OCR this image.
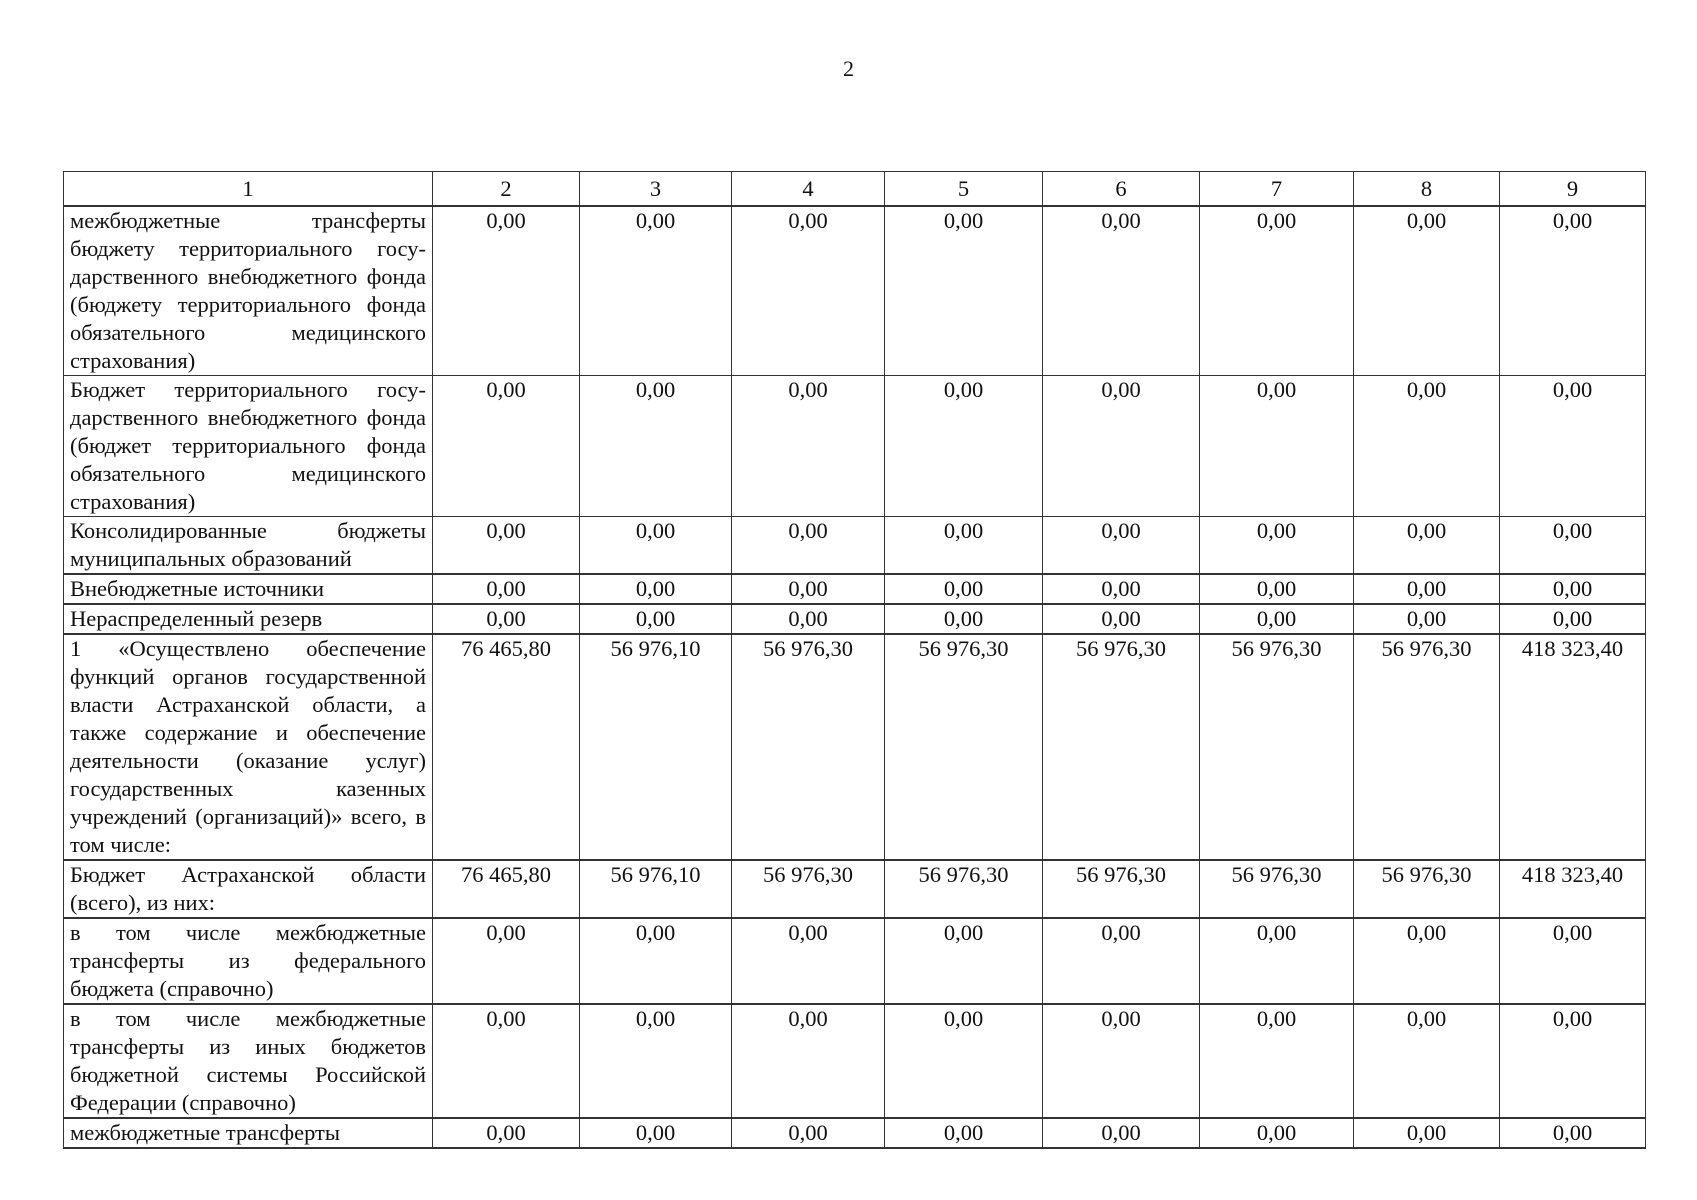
2
1	2	3	4	5	6	7	8	9
межбюджетные трансферты бюджету территориального государственного внебюджетного фонда (бюджету территориального фонда обязательного медицинского страхования)	0,00	0,00	0,00	0,00	0,00	0,00	0,00	0,00
Бюджет территориального государственного внебюджетного фонда (бюджет территориального фонда обязательного медицинского страхования)	0,00	0,00	0,00	0,00	0,00	0,00	0,00	0,00
Консолидированные бюджеты муниципальных образований	0,00	0,00	0,00	0,00	0,00	0,00	0,00	0,00
Внебюджетные источники	0,00	0,00	0,00	0,00	0,00	0,00	0,00	0,00
Нераспределенный резерв	0,00	0,00	0,00	0,00	0,00	0,00	0,00	0,00
1 «Осуществлено обеспечение функций органов государственной власти Астраханской области, а также содержание и обеспечение деятельности (оказание услуг) государственных казенных учреждений (организаций)» всего, в том числе:	76 465,80	56 976,10	56 976,30	56 976,30	56 976,30	56 976,30	56 976,30	418 323,40
Бюджет Астраханской области (всего), из них:	76 465,80	56 976,10	56 976,30	56 976,30	56 976,30	56 976,30	56 976,30	418 323,40
в том числе межбюджетные трансферты из федерального бюджета (справочно)	0,00	0,00	0,00	0,00	0,00	0,00	0,00	0,00
в том числе межбюджетные трансферты из иных бюджетов бюджетной системы Российской Федерации (справочно)	0,00	0,00	0,00	0,00	0,00	0,00	0,00	0,00
межбюджетные трансферты	0,00	0,00	0,00	0,00	0,00	0,00	0,00	0,00
